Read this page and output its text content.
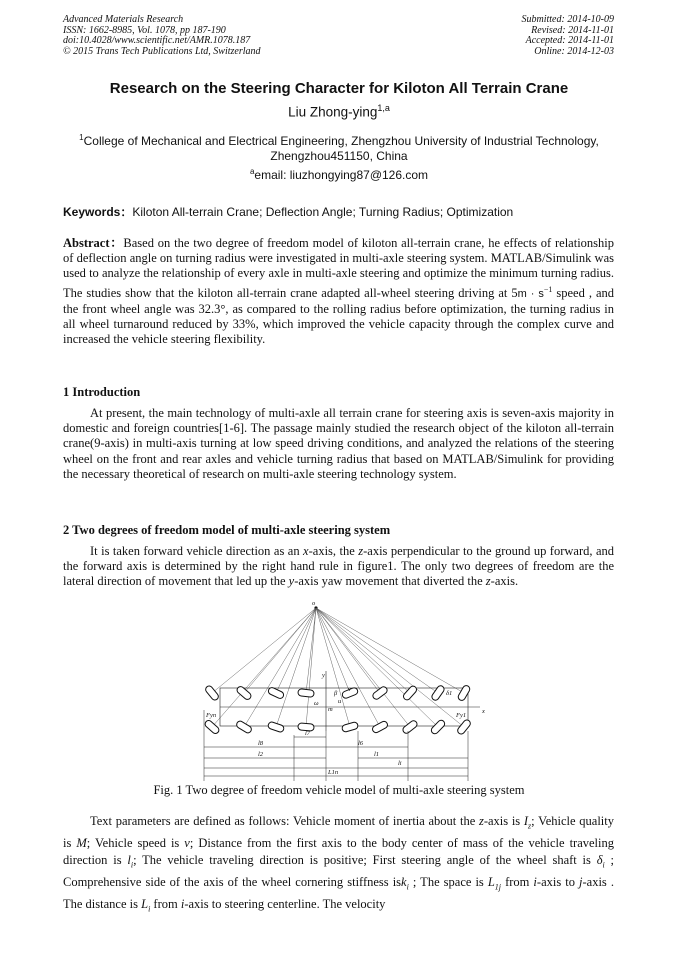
Advanced Materials Research
ISSN: 1662-8985, Vol. 1078, pp 187-190
doi:10.4028/www.scientific.net/AMR.1078.187
© 2015 Trans Tech Publications Ltd, Switzerland
Submitted: 2014-10-09
Revised: 2014-11-01
Accepted: 2014-11-01
Online: 2014-12-03
Research on the Steering Character for Kiloton All Terrain Crane
Liu Zhong-ying$^{1,a}$
$^1$College of Mechanical and Electrical Engineering, Zhengzhou University of Industrial Technology, Zhengzhou451150, China
$^a$email: liuzhongying87@126.com
Keywords：Kiloton All-terrain Crane; Deflection Angle; Turning Radius; Optimization
Abstract：Based on the two degree of freedom model of kiloton all-terrain crane, he effects of relationship of deflection angle on turning radius were investigated in multi-axle steering system. MATLAB/Simulink was used to analyze the relationship of every axle in multi-axle steering and optimize the minimum turning radius. The studies show that the kiloton all-terrain crane adapted all-wheel steering driving at $5m \cdot s^{-1}$ speed , and the front wheel angle was 32.3°, as compared to the rolling radius before optimization, the turning radius in all wheel turnaround reduced by 33%, which improved the vehicle capacity through the complex curve and increased the vehicle steering flexibility.
1 Introduction
At present, the main technology of multi-axle all terrain crane for steering axis is seven-axis majority in domestic and foreign countries[1-6]. The passage mainly studied the research object of the kiloton all-terrain crane(9-axis) in multi-axis turning at low speed driving conditions, and analyzed the relations of the steering wheel on the front and rear axles and vehicle turning radius that based on MATLAB/Simulink for providing the necessary theoretical of research on multi-axle steering technology system.
2 Two degrees of freedom model of multi-axle steering system
It is taken forward vehicle direction as an x-axis, the z-axis perpendicular to the ground up forward, and the forward axis is determined by the right hand rule in figure1. The only two degrees of freedom are the lateral direction of movement that led up the y-axis yaw movement that diverted the z-axis.
o
l7
l8	l6
l2	l1
li
L1n
x
y
v
u
β
ω
δ1
Fy1
Fyn
m
Fig. 1 Two degree of freedom vehicle model of multi-axle steering system
Text parameters are defined as follows: Vehicle moment of inertia about the z-axis is $I_z$; Vehicle quality is M; Vehicle speed is v; Distance from the first axis to the body center of mass of the vehicle traveling direction is $l_i$; The vehicle traveling direction is positive; First steering angle of the wheel shaft is $\delta_i$ ; Comprehensive side of the axis of the wheel cornering stiffness isk$_i$ ; The space is $L_{1j}$ from i-axis to j-axis . The distance is $L_i$ from i-axis to steering centerline. The velocity
